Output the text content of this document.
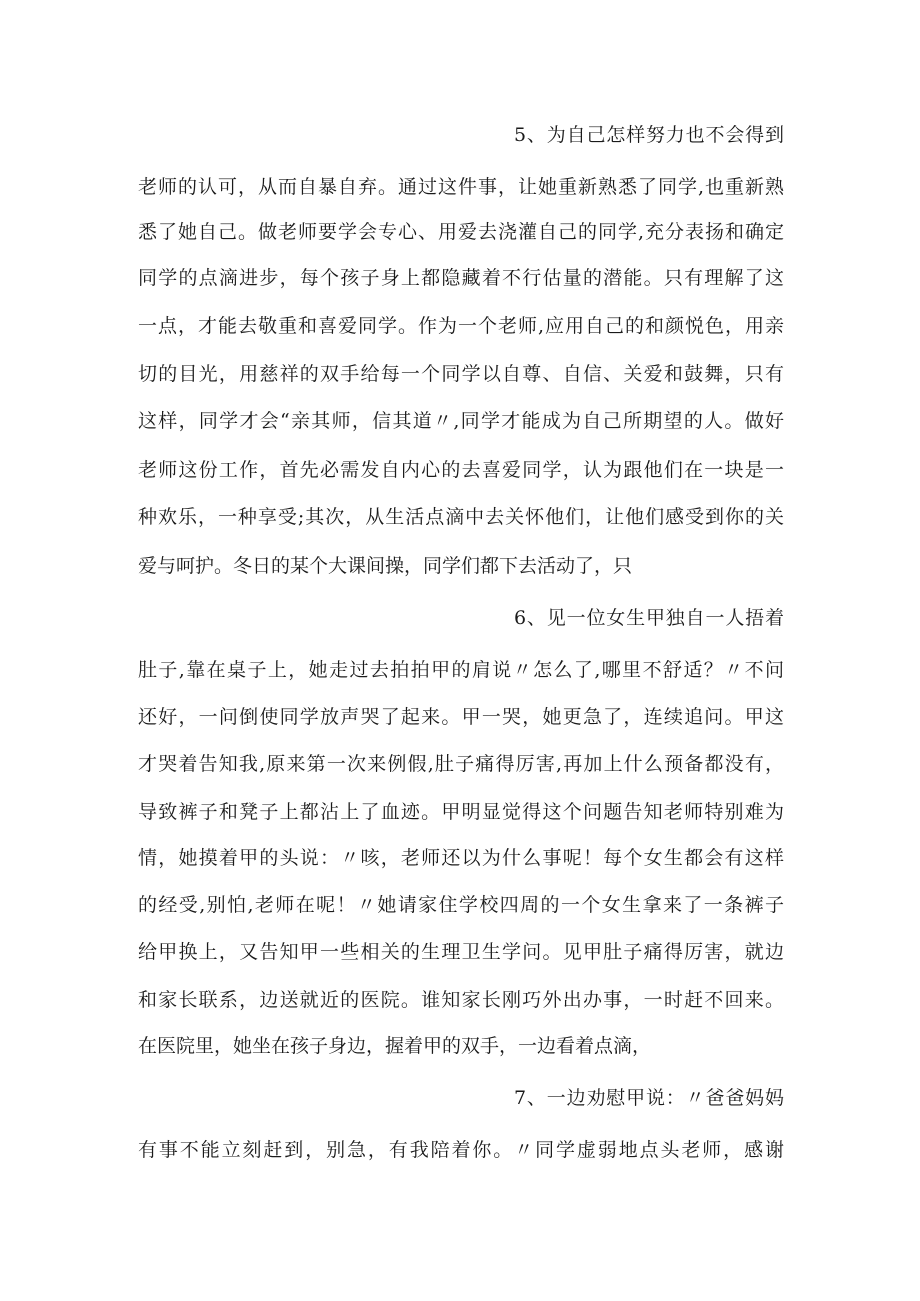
5、为自己怎样努力也不会得到
老师的认可，从而自暴自弃。通过这件事，让她重新熟悉了同学,也重新熟
悉了她自己。做老师要学会专心、用爱去浇灌自己的同学,充分表扬和确定
同学的点滴进步，每个孩子身上都隐藏着不行估量的潜能。只有理解了这
一点，才能去敬重和喜爱同学。作为一个老师,应用自己的和颜悦色，用亲
切的目光，用慈祥的双手给每一个同学以自尊、自信、关爱和鼓舞，只有
这样，同学才会“亲其师，信其道〃,同学才能成为自己所期望的人。做好
老师这份工作，首先必需发自内心的去喜爱同学，认为跟他们在一块是一
种欢乐，一种享受;其次，从生活点滴中去关怀他们，让他们感受到你的关
爱与呵护。冬日的某个大课间操，同学们都下去活动了，只
6、见一位女生甲独自一人捂着
肚子,靠在桌子上，她走过去拍拍甲的肩说〃怎么了,哪里不舒适？〃不问
还好，一问倒使同学放声哭了起来。甲一哭，她更急了，连续追问。甲这
才哭着告知我,原来第一次来例假,肚子痛得厉害,再加上什么预备都没有，
导致裤子和凳子上都沾上了血迹。甲明显觉得这个问题告知老师特别难为
情，她摸着甲的头说：〃咳，老师还以为什么事呢！每个女生都会有这样
的经受,别怕,老师在呢！〃她请家住学校四周的一个女生拿来了一条裤子
给甲换上，又告知甲一些相关的生理卫生学问。见甲肚子痛得厉害，就边
和家长联系，边送就近的医院。谁知家长刚巧外出办事，一时赶不回来。
在医院里，她坐在孩子身边，握着甲的双手，一边看着点滴，
7、一边劝慰甲说：〃爸爸妈妈
有事不能立刻赶到，别急，有我陪着你。〃同学虚弱地点头老师，感谢
